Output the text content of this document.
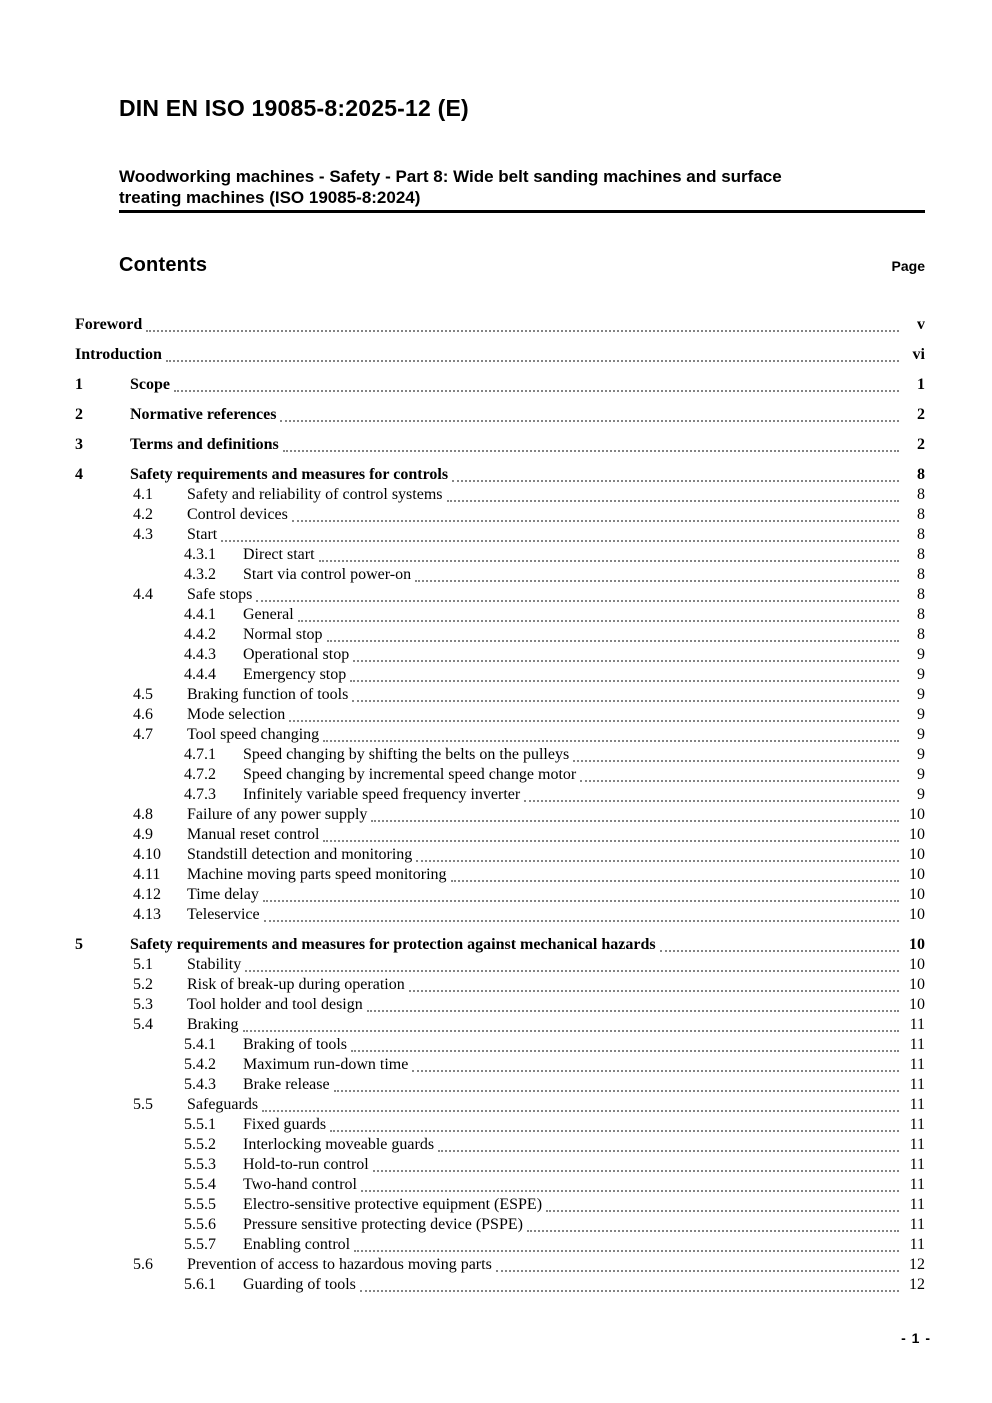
DIN EN ISO 19085-8:2025-12 (E)
Woodworking machines - Safety - Part 8: Wide belt sanding machines and surface
treating machines (ISO 19085-8:2024)
Contents	Page
Foreword	v
Introduction	vi
1	Scope	1
2	Normative references	2
3	Terms and definitions	2
4	Safety requirements and measures for controls	8
4.1	Safety and reliability of control systems	8
4.2	Control devices	8
4.3	Start	8
4.3.1	Direct start	8
4.3.2	Start via control power-on	8
4.4	Safe stops	8
4.4.1	General	8
4.4.2	Normal stop	8
4.4.3	Operational stop	9
4.4.4	Emergency stop	9
4.5	Braking function of tools	9
4.6	Mode selection	9
4.7	Tool speed changing	9
4.7.1	Speed changing by shifting the belts on the pulleys	9
4.7.2	Speed changing by incremental speed change motor	9
4.7.3	Infinitely variable speed frequency inverter	9
4.8	Failure of any power supply	10
4.9	Manual reset control	10
4.10	Standstill detection and monitoring	10
4.11	Machine moving parts speed monitoring	10
4.12	Time delay	10
4.13	Teleservice	10
5	Safety requirements and measures for protection against mechanical hazards	10
5.1	Stability	10
5.2	Risk of break-up during operation	10
5.3	Tool holder and tool design	10
5.4	Braking	11
5.4.1	Braking of tools	11
5.4.2	Maximum run-down time	11
5.4.3	Brake release	11
5.5	Safeguards	11
5.5.1	Fixed guards	11
5.5.2	Interlocking moveable guards	11
5.5.3	Hold-to-run control	11
5.5.4	Two-hand control	11
5.5.5	Electro-sensitive protective equipment (ESPE)	11
5.5.6	Pressure sensitive protecting device (PSPE)	11
5.5.7	Enabling control	11
5.6	Prevention of access to hazardous moving parts	12
5.6.1	Guarding of tools	12
- 1 -
